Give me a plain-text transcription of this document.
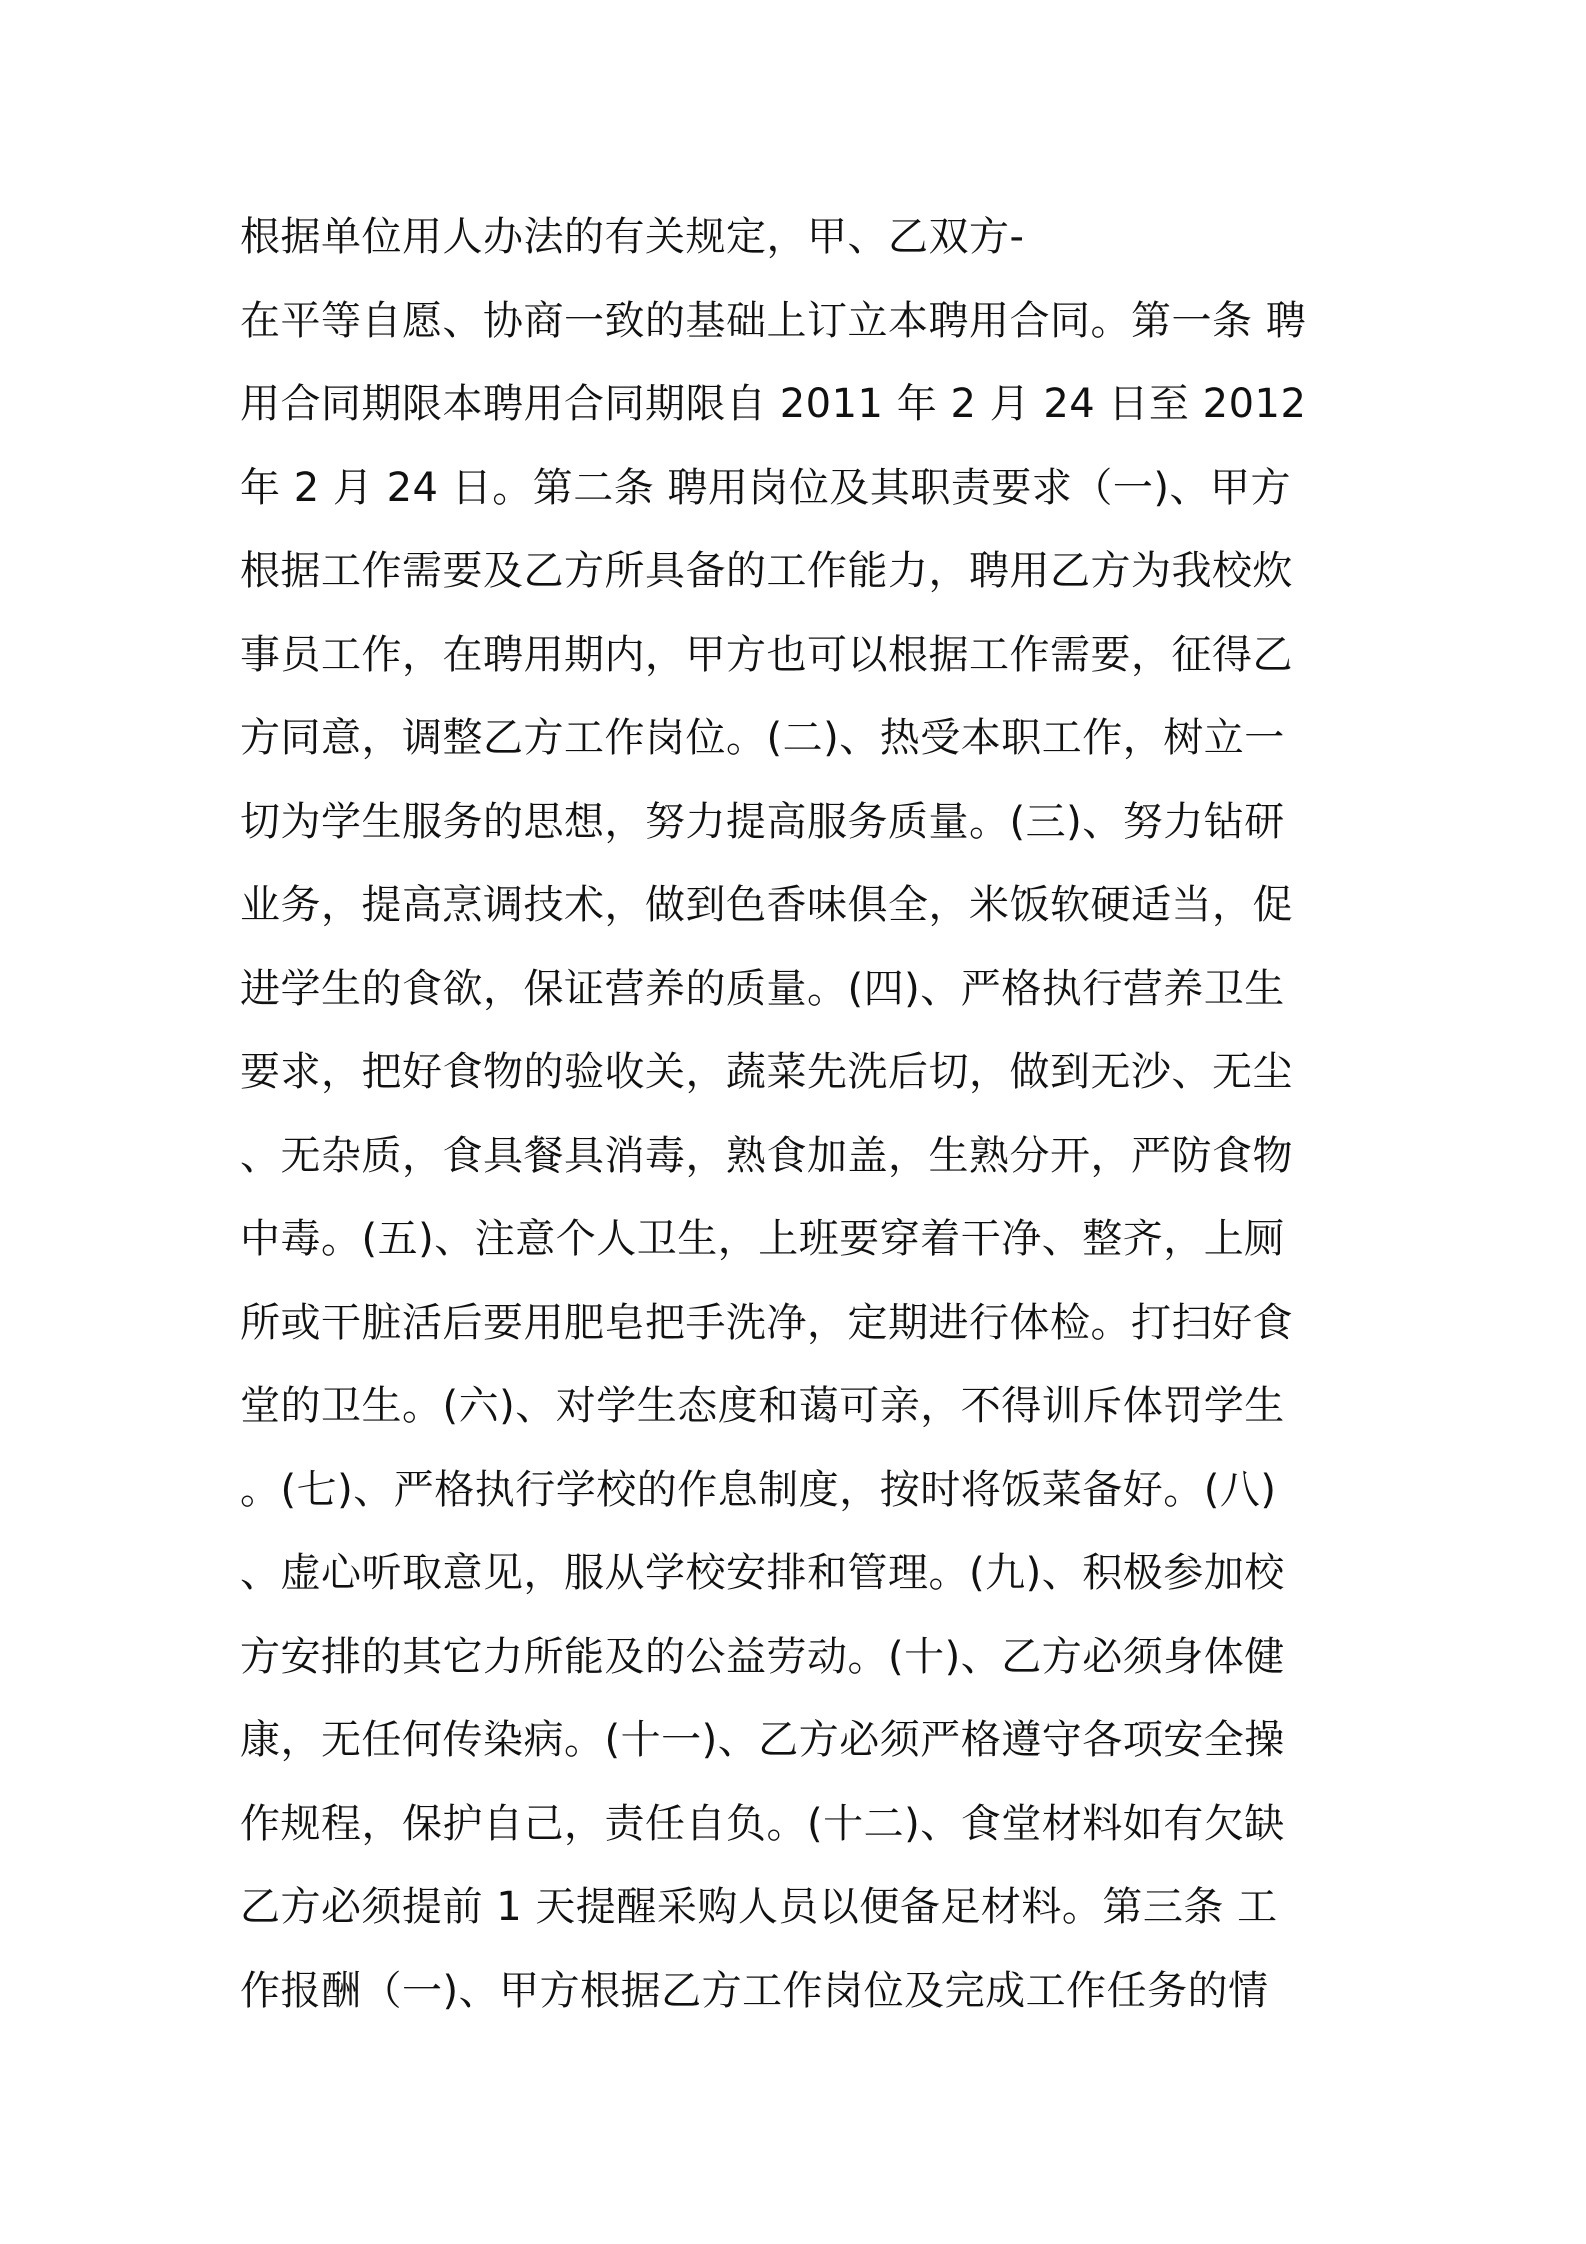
根据单位用人办法的有关规定，甲、乙双方-
在平等自愿、协商一致的基础上订立本聘用合同。第一条 聘
用合同期限本聘用合同期限自 2011 年 2 月 24 日至 2012
年 2 月 24 日。第二条 聘用岗位及其职责要求（一)、甲方
根据工作需要及乙方所具备的工作能力，聘用乙方为我校炊
事员工作，在聘用期内，甲方也可以根据工作需要，征得乙
方同意，调整乙方工作岗位。(二)、热受本职工作，树立一
切为学生服务的思想，努力提高服务质量。(三)、努力钻研
业务，提高烹调技术，做到色香味俱全，米饭软硬适当，促
进学生的食欲，保证营养的质量。(四)、严格执行营养卫生
要求，把好食物的验收关，蔬菜先洗后切，做到无沙、无尘
、无杂质，食具餐具消毒，熟食加盖，生熟分开，严防食物
中毒。(五)、注意个人卫生，上班要穿着干净、整齐，上厕
所或干脏活后要用肥皂把手洗净，定期进行体检。打扫好食
堂的卫生。(六)、对学生态度和蔼可亲，不得训斥体罚学生
。(七)、严格执行学校的作息制度，按时将饭菜备好。(八)
、虚心听取意见，服从学校安排和管理。(九)、积极参加校
方安排的其它力所能及的公益劳动。(十)、乙方必须身体健
康，无任何传染病。(十一)、乙方必须严格遵守各项安全操
作规程，保护自己，责任自负。(十二)、食堂材料如有欠缺
乙方必须提前 1 天提醒采购人员以便备足材料。第三条 工
作报酬（一)、甲方根据乙方工作岗位及完成工作任务的情
